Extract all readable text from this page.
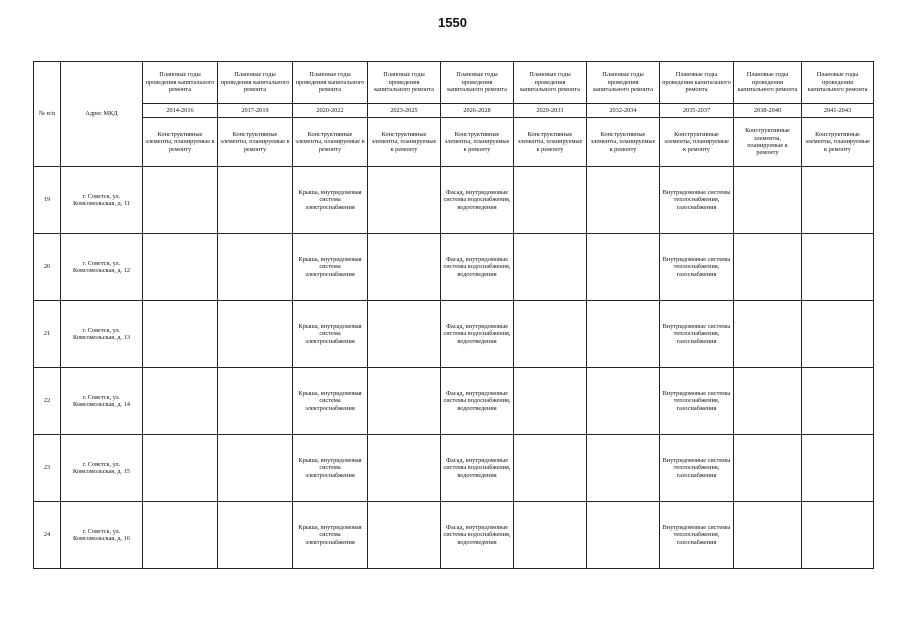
1550
№ п/п	Адрес МКД	Плановые годы проведения капитального ремонта	Плановые годы проведения капитального ремонта	Плановые годы проведения капитального ремонта	Плановые годы проведения капитального ремонта	Плановые годы проведения капитального ремонта	Плановые годы проведения капитального ремонта	Плановые годы проведения капитального ремонта	Плановые годы проведения капитального ремонта	Плановые годы проведения капитального ремонта	Плановые годы проведения капитального ремонта
		2014-2016	2017-2019	2020-2022	2023-2025	2026-2028	2029-2031	2032-2034	2035-2037	2038-2040	2041-2043
		Конструктивные элементы, планируемые к ремонту	Конструктивные элементы, планируемые к ремонту	Конструктивные элементы, планируемые к ремонту	Конструктивные элементы, планируемые к ремонту	Конструктивные элементы, планируемые к ремонту	Конструктивные элементы, планируемые к ремонту	Конструктивные элементы, планируемые к ремонту	Конструктивные элементы, планируемые к ремонту	Конструктивные элементы, планируемые к ремонту	Конструктивные элементы, планируемые к ремонту
19	г. Советск, ул. Комсомольская, д. 11			Крыша, внутридомовая система электроснабжения		Фасад, внутридомовые системы водоснабжения, водоотведения			Внутридомовые системы теплоснабжения, газоснабжения		
20	г. Советск, ул. Комсомольская, д. 12			Крыша, внутридомовая система электроснабжения		Фасад, внутридомовые системы водоснабжения, водоотведения			Внутридомовые системы теплоснабжения, газоснабжения		
21	г. Советск, ул. Комсомольская, д. 13			Крыша, внутридомовая система электроснабжения		Фасад, внутридомовые системы водоснабжения, водоотведения			Внутридомовые системы теплоснабжения, газоснабжения		
22	г. Советск, ул. Комсомольская, д. 14			Крыша, внутридомовая система электроснабжения		Фасад, внутридомовые системы водоснабжения, водоотведения			Внутридомовые системы теплоснабжения, газоснабжения		
23	г. Советск, ул. Комсомольская, д. 15			Крыша, внутридомовая система электроснабжения		Фасад, внутридомовые системы водоснабжения, водоотведения			Внутридомовые системы теплоснабжения, газоснабжения		
24	г. Советск, ул. Комсомольская, д. 16			Крыша, внутридомовая система электроснабжения		Фасад, внутридомовые системы водоснабжения, водоотведения			Внутридомовые системы теплоснабжения, газоснабжения		
